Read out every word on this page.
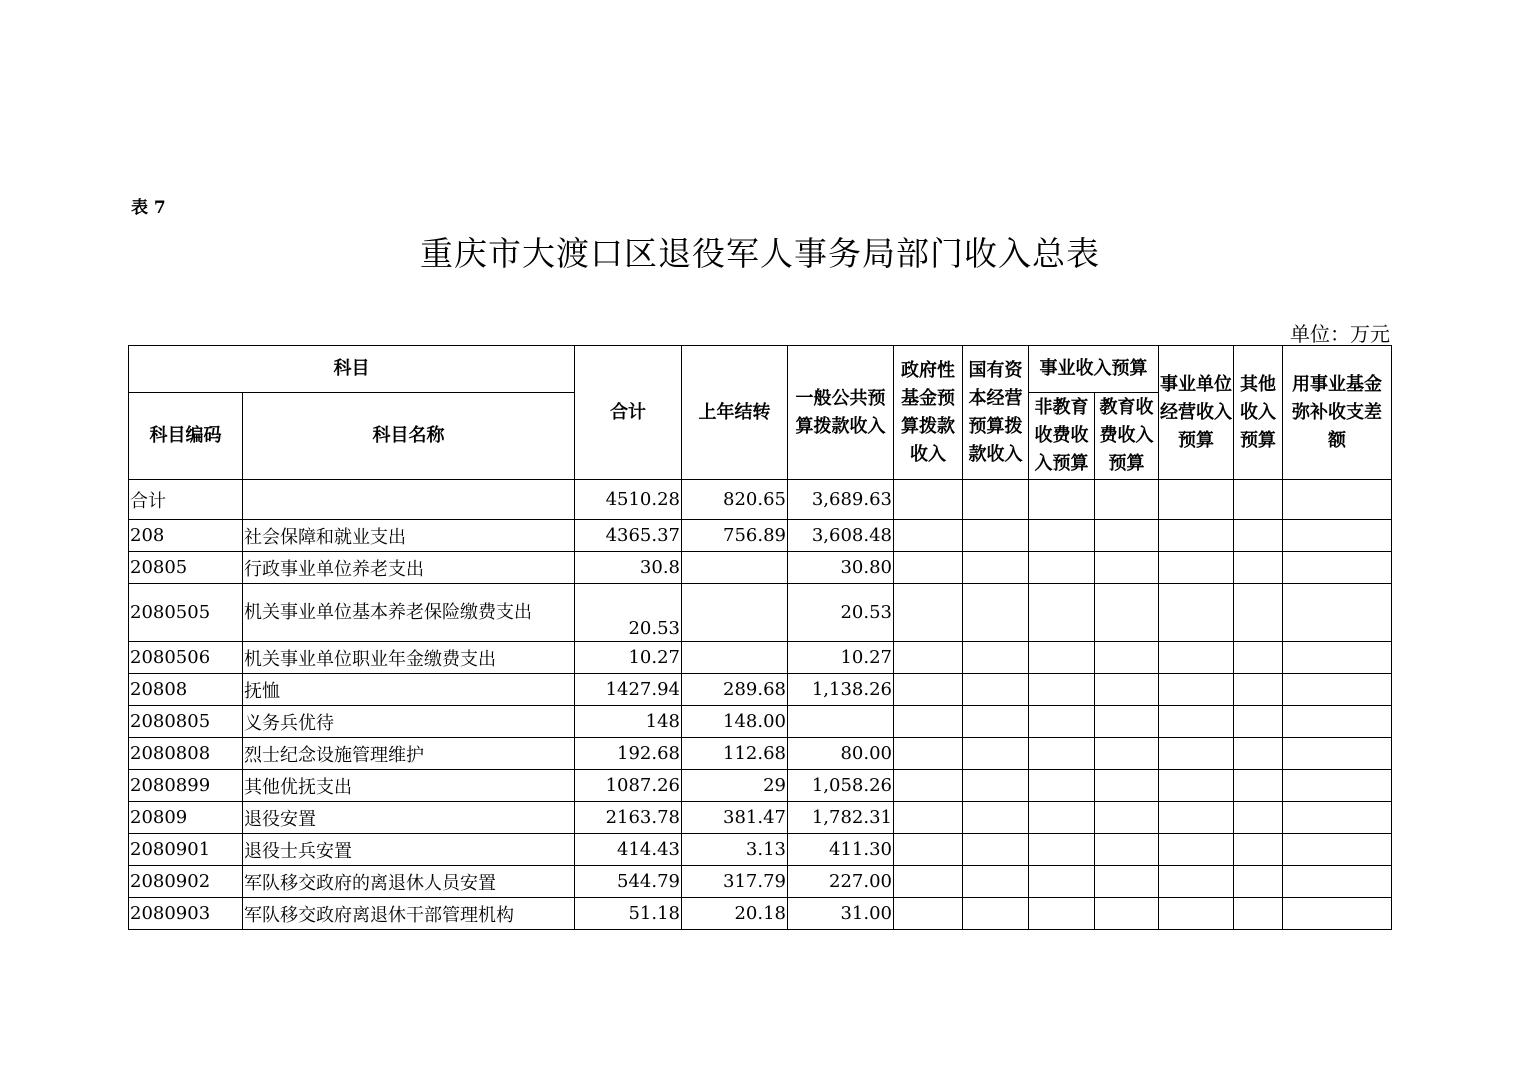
表 7
重庆市大渡口区退役军人事务局部门收入总表
单位：万元
科目		合计	上年结转	一般公共预算拨款收入	政府性基金预算拨款收入	国有资本经营预算拨款收入	事业收入预算		事业单位经营收入预算	其他收入预算	用事业基金弥补收支差额
科目编码	科目名称						非教育收费收入预算	教育收费收入预算			
合计		4510.28	820.65	3,689.63							
208	社会保障和就业支出	4365.37	756.89	3,608.48							
20805	行政事业单位养老支出	30.8		30.80							
2080505	机关事业单位基本养老保险缴费支出	20.53		20.53							
2080506	机关事业单位职业年金缴费支出	10.27		10.27							
20808	抚恤	1427.94	289.68	1,138.26							
2080805	义务兵优待	148	148.00								
2080808	烈士纪念设施管理维护	192.68	112.68	80.00							
2080899	其他优抚支出	1087.26	29	1,058.26							
20809	退役安置	2163.78	381.47	1,782.31							
2080901	退役士兵安置	414.43	3.13	411.30							
2080902	军队移交政府的离退休人员安置	544.79	317.79	227.00							
2080903	军队移交政府离退休干部管理机构	51.18	20.18	31.00							
